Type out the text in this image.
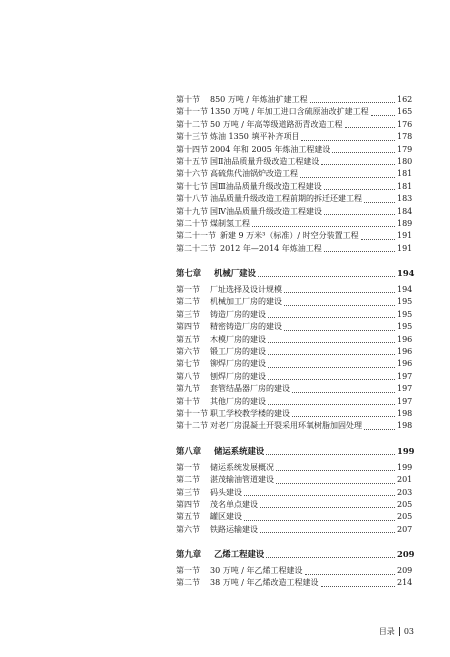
第十节	850 万吨 / 年炼油扩建工程	162
第十一节 1350 万吨 / 年加工进口含硫原油改扩建工程	165
第十二节 50 万吨 / 年高等级道路沥青改造工程	176
第十三节 炼油 1350 填平补齐项目	178
第十四节 2004 年和 2005 年炼油工程建设	179
第十五节 国Ⅱ油品质量升级改造工程建设	180
第十六节 高硫焦代油锅炉改造工程	181
第十七节 国Ⅲ油品质量升级改造工程建设	181
第十八节 油品质量升级改造工程前期的拆迁还建工程	183
第十九节 国Ⅳ油品质量升级改造工程建设	184
第二十节 煤制氢工程	189
第二十一节 新建 9 万米³（标准）/ 时空分装置工程	191
第二十二节 2012 年—2014 年炼油工程	191
第七章	机械厂建设	194
第一节	厂址选择及设计规模	194
第二节	机械加工厂房的建设	195
第三节	铸造厂房的建设	195
第四节	精密铸造厂房的建设	195
第五节	木模厂房的建设	196
第六节	锻工厂房的建设	196
第七节	铆焊厂房的建设	196
第八节	刨焊厂房的建设	197
第九节	套管结晶器厂房的建设	197
第十节	其他厂房的建设	197
第十一节 职工学校教学楼的建设	198
第十二节 对老厂房混凝土开裂采用环氧树脂加固处理	198
第八章	储运系统建设	199
第一节	储运系统发展概况	199
第二节	湛茂输油管道建设	201
第三节	码头建设	203
第四节	茂名单点建设	205
第五节	罐区建设	205
第六节	铁路运输建设	207
第九章	乙烯工程建设	209
第一节	30 万吨 / 年乙烯工程建设	209
第二节	38 万吨 / 年乙烯改造工程建设	214
目录 03
